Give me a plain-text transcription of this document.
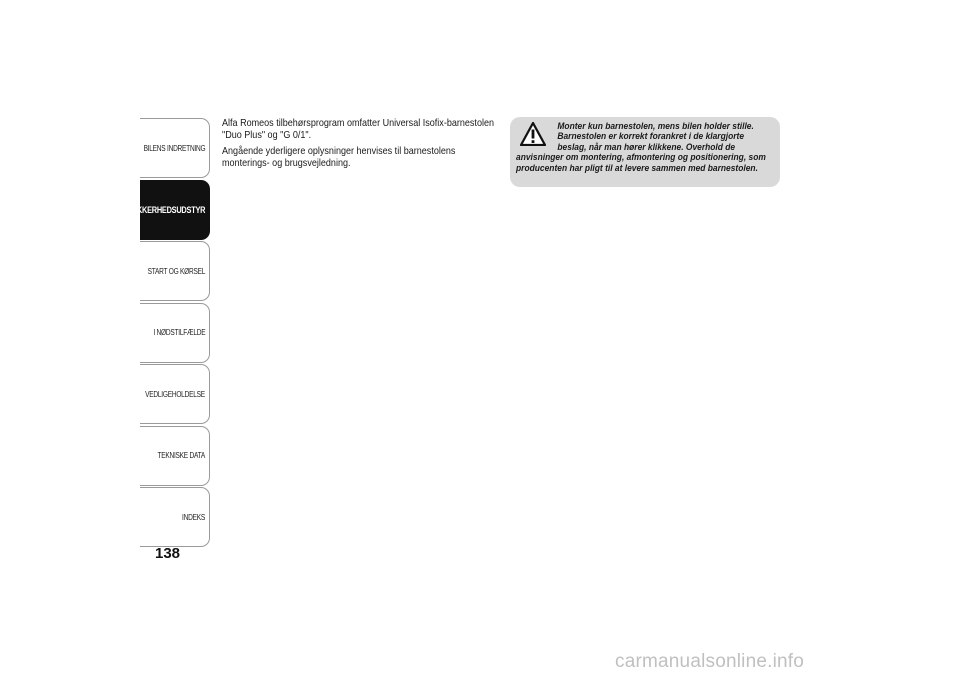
BILENS INDRETNING
SIKKERHEDSUDSTYR
START OG KØRSEL
I NØDSTILFÆLDE
VEDLIGEHOLDELSE
TEKNISKE DATA
INDEKS
138

Alfa Romeos tilbehørsprogram omfatter Universal Isofix-barnestolen "Duo Plus" og "G 0/1".

Angående yderligere oplysninger henvises til barnestolens monterings- og brugsvejledning.

Monter kun barnestolen, mens bilen holder stille.
Barnestolen er korrekt forankret i de klargjorte
beslag, når man hører klikkene. Overhold de
anvisninger om montering, afmontering og positionering, som producenten har pligt til at levere sammen med barnestolen.
carmanualsonline.info
